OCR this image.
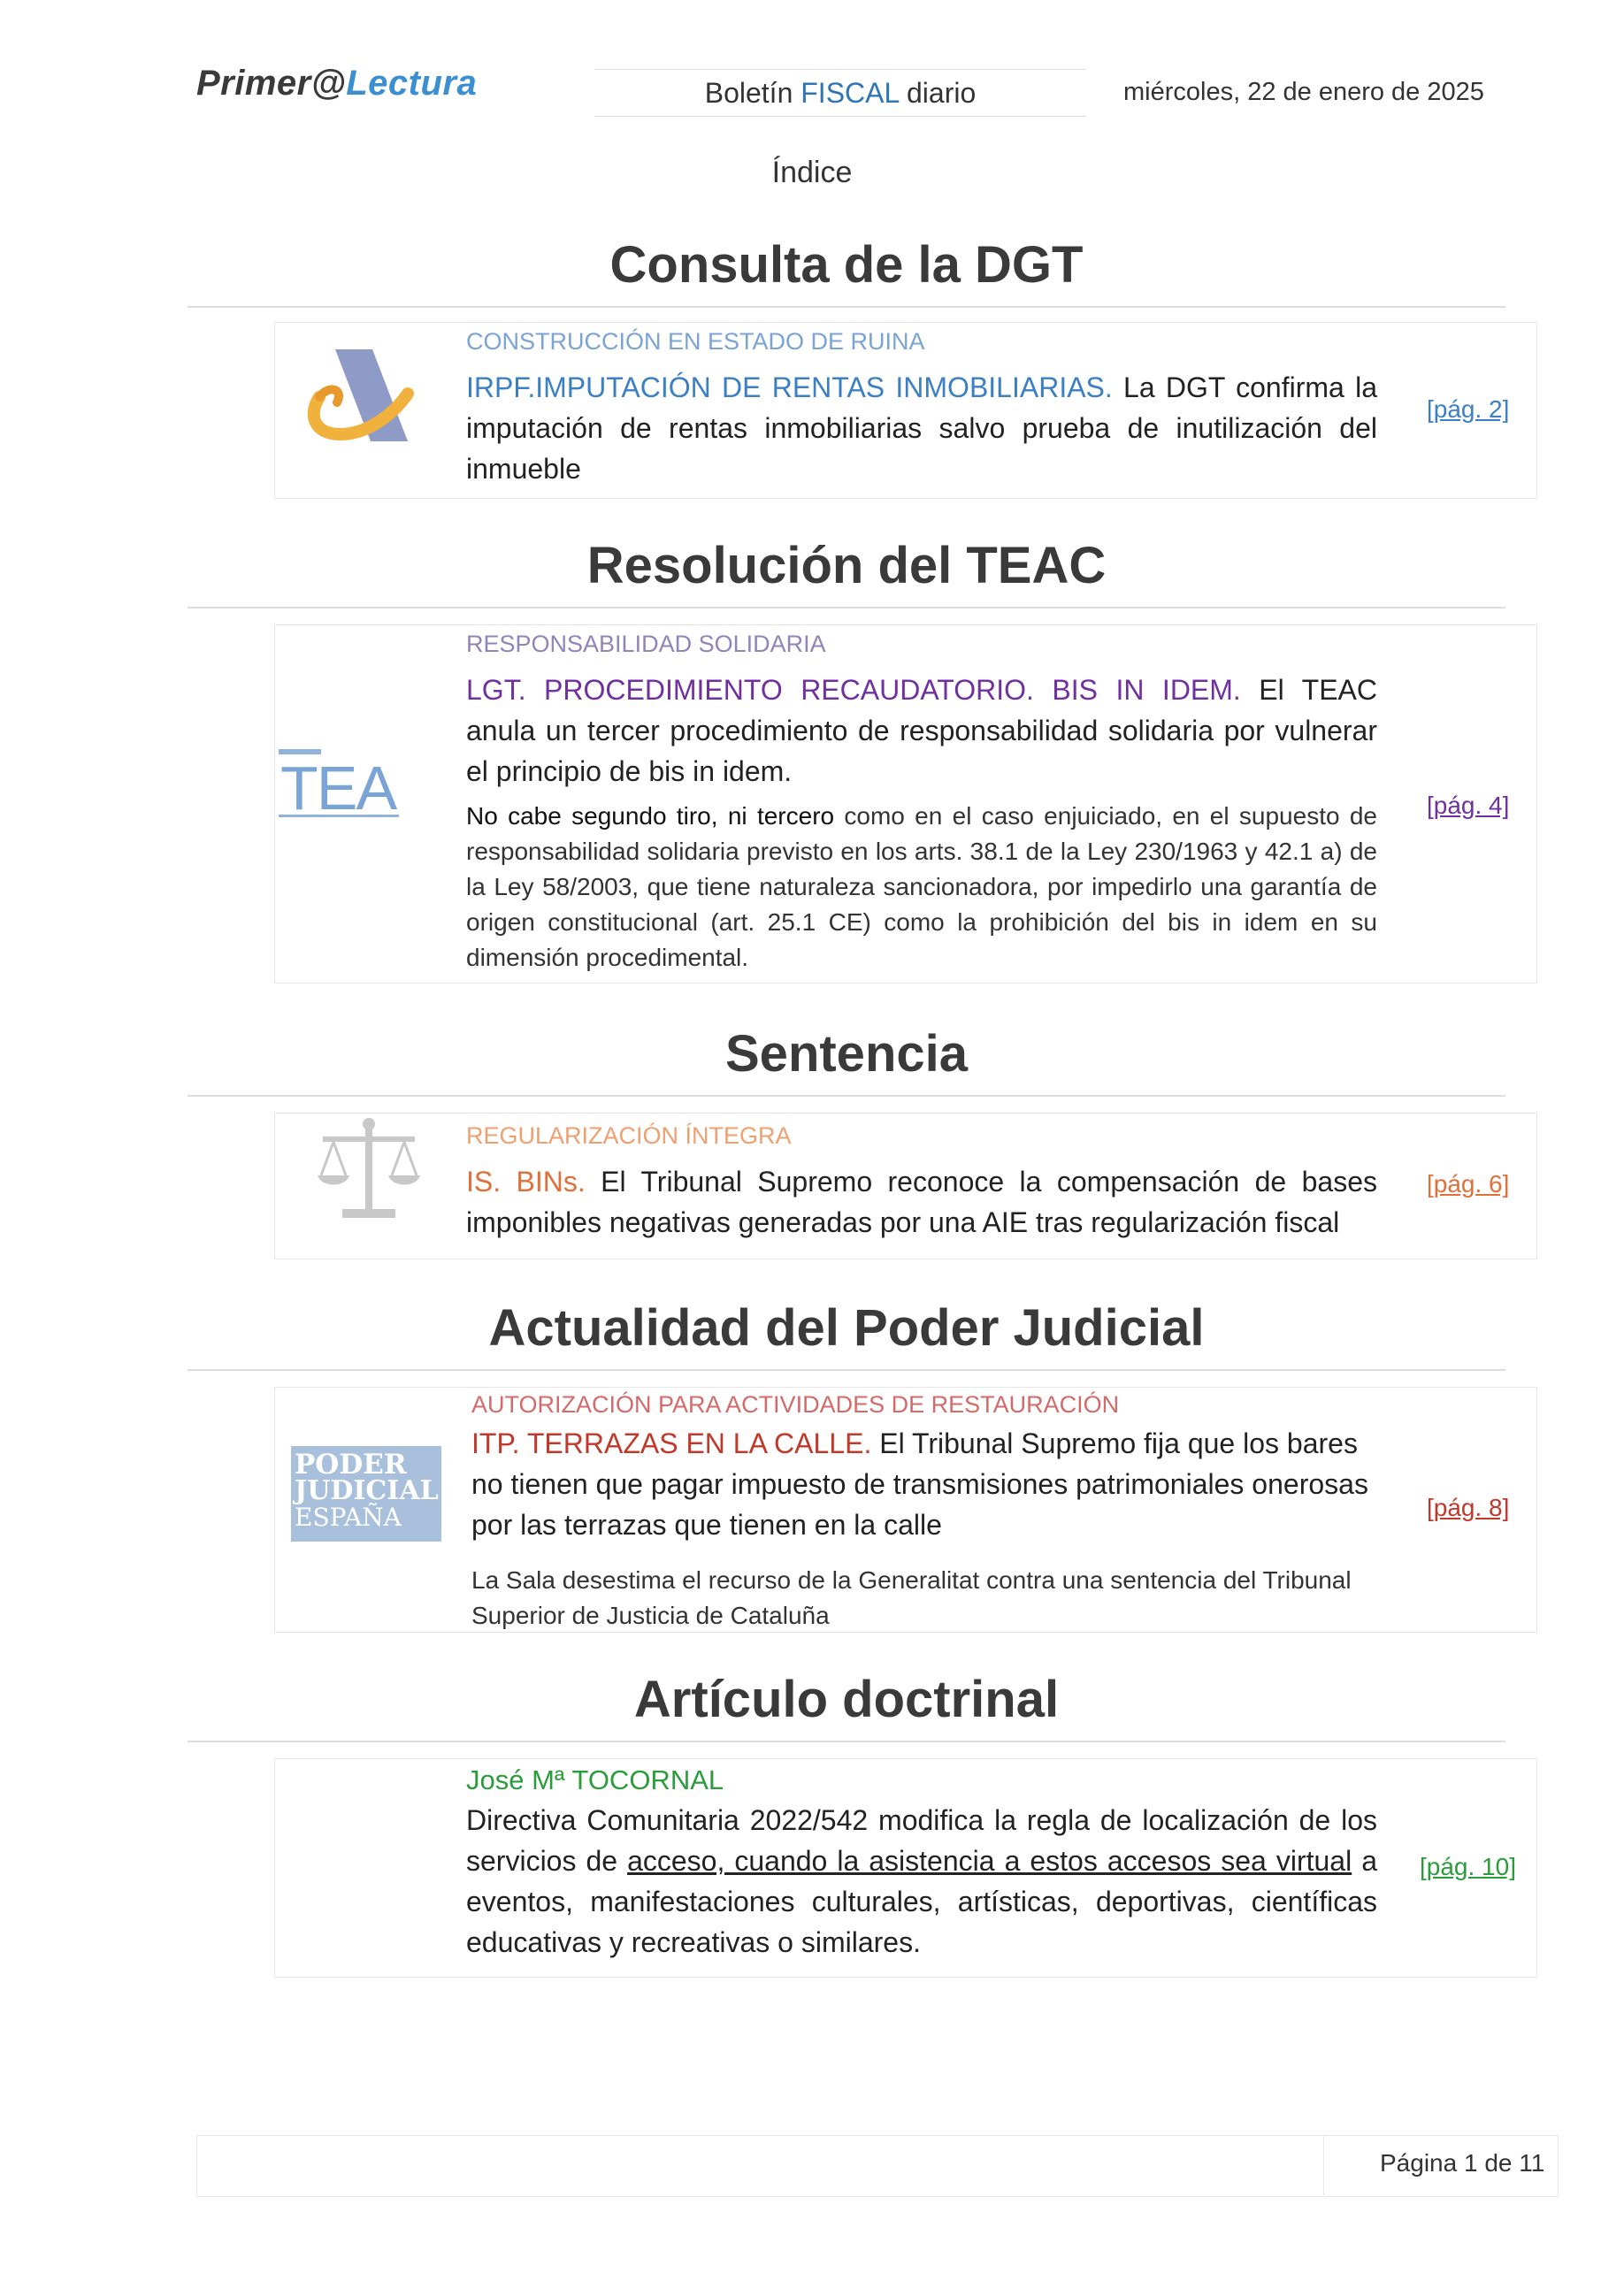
Primer@Lectura	Boletín FISCAL diario	miércoles, 22 de enero de 2025
Índice
Consulta de la DGT
CONSTRUCCIÓN EN ESTADO DE RUINA
IRPF.IMPUTACIÓN DE RENTAS INMOBILIARIAS. La DGT confirma la imputación de rentas inmobiliarias salvo prueba de inutilización del inmueble
[pág. 2]
Resolución del TEAC
TEA
RESPONSABILIDAD SOLIDARIA
LGT. PROCEDIMIENTO RECAUDATORIO. BIS IN IDEM. El TEAC anula un tercer procedimiento de responsabilidad solidaria por vulnerar el principio de bis in idem.
No cabe segundo tiro, ni tercero como en el caso enjuiciado, en el supuesto de responsabilidad solidaria previsto en los arts. 38.1 de la Ley 230/1963 y 42.1 a) de la Ley 58/2003, que tiene naturaleza sancionadora, por impedirlo una garantía de origen constitucional (art. 25.1 CE) como la prohibición del bis in idem en su dimensión procedimental.
[pág. 4]
Sentencia
REGULARIZACIÓN ÍNTEGRA
IS. BINs. El Tribunal Supremo reconoce la compensación de bases imponibles negativas generadas por una AIE tras regularización fiscal
[pág. 6]
Actualidad del Poder Judicial
PODER
JUDICIAL
ESPAÑA
AUTORIZACIÓN PARA ACTIVIDADES DE RESTAURACIÓN
ITP. TERRAZAS EN LA CALLE. El Tribunal Supremo fija que los bares no tienen que pagar impuesto de transmisiones patrimoniales onerosas por las terrazas que tienen en la calle
La Sala desestima el recurso de la Generalitat contra una sentencia del Tribunal Superior de Justicia de Cataluña
[pág. 8]
Artículo doctrinal
José Mª TOCORNAL
Directiva Comunitaria 2022/542 modifica la regla de localización de los servicios de acceso, cuando la asistencia a estos accesos sea virtual a eventos, manifestaciones culturales, artísticas, deportivas, científicas educativas y recreativas o similares.
[pág. 10]
Página 1 de 11
